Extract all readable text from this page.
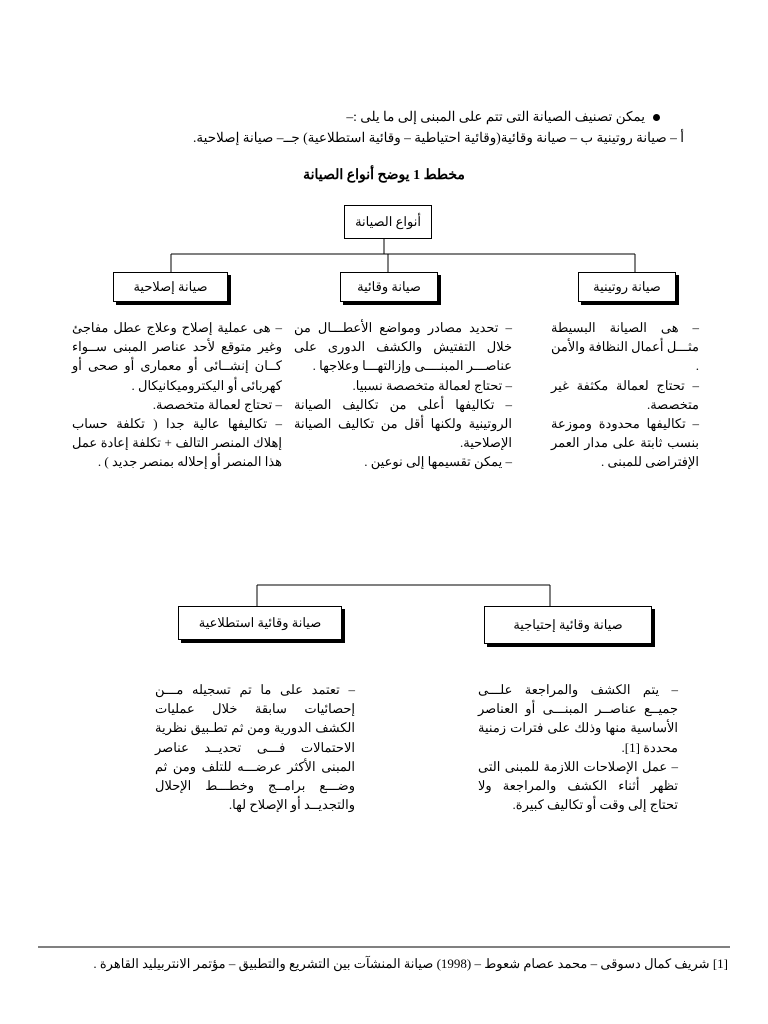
يمكن تصنيف الصيانة التى تتم على المبنى إلى ما يلى :–
أ – صيانة روتينية ب – صيانة وقائية(وقائية احتياطية – وقائية استطلاعية) جــ– صيانة إصلاحية.
مخطط 1 يوضح أنواع الصيانة
أنواع الصيانة
صيانة روتينية
صيانة وقائية
صيانة إصلاحية

– هى الصيانة البسيطة مثـــل أعمال النظافة والأمن .

– تحتاج لعمالة مكثفة غير متخصصة.

– تكاليفها محدودة وموزعة بنسب ثابتة على مدار العمر الإفتراضى للمبنى .

– تحديد مصادر ومواضع الأعطـــال من خلال التفتيش والكشف الدورى على عناصـــر المبنــــى وإزالتهـــا وعلاجها .

– تحتاج لعمالة متخصصة نسبيا.

– تكاليفها أعلى من تكاليف الصيانة الروتينية ولكنها أقل من تكاليف الصيانة الإصلاحية.

– يمكن تقسيمها إلى نوعين .

– هى عملية إصلاح وعلاج عطل مفاجئ وغير متوقع لأحد عناصر المبنى ســواء كــان إنشــائى أو معمارى أو صحى أو كهربائى أو اليكتروميكانيكال .

– تحتاج لعمالة متخصصة.

– تكاليفها عالية جدا ( تكلفة حساب إهلاك المنصر التالف + تكلفة إعادة عمل هذا المنصر أو إحلاله بمنصر جديد ) .

صيانة وقائية إحتياجية
صيانة وقائية استطلاعية

– يتم الكشف والمراجعة علـــى جميــع عناصــر المبنـــى أو العناصر الأساسية منها وذلك على فترات زمنية محددة [1].

– عمل الإصلاحات اللازمة للمبنى التى تظهر أثناء الكشف والمراجعة ولا تحتاج إلى وقت أو تكاليف كبيرة.

– تعتمد على ما تم تسجيله مـــن إحصائيات سابقة خلال عمليات الكشف الدورية ومن ثم تطـبيق نظرية الاحتمالات فـــى تحديــد عناصر المبنى الأكثر عرضـــه للتلف ومن ثم وضـــع برامــج وخطـــط الإحلال والتجديــد أو الإصلاح لها.

[1] شريف كمال دسوقى – محمد عصام شعوط – (1998) صيانة المنشآت بين التشريع والتطبيق – مؤتمر الانتربيليد القاهرة .
